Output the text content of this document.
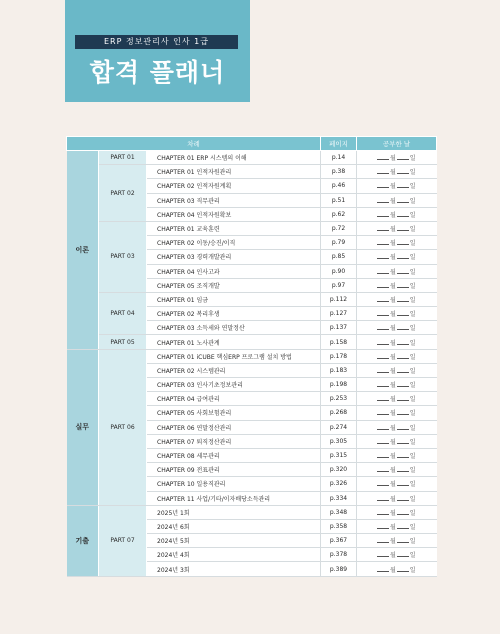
ERP 정보관리사 인사 1급
합격 플래너
차례			페이지	공부한 날
이론	PART 01	CHAPTER 01 ERP 시스템의 이해	p.14	월 일
	PART 02	CHAPTER 01 인적자원관리	p.38	월 일
		CHAPTER 02 인적자원계획	p.46	월 일
		CHAPTER 03 직무관리	p.51	월 일
		CHAPTER 04 인적자원확보	p.62	월 일
	PART 03	CHAPTER 01 교육훈련	p.72	월 일
		CHAPTER 02 이동/승진/이직	p.79	월 일
		CHAPTER 03 경력개발관리	p.85	월 일
		CHAPTER 04 인사고과	p.90	월 일
		CHAPTER 05 조직개발	p.97	월 일
	PART 04	CHAPTER 01 임금	p.112	월 일
		CHAPTER 02 복리후생	p.127	월 일
		CHAPTER 03 소득세와 연말정산	p.137	월 일
	PART 05	CHAPTER 01 노사관계	p.158	월 일
실무	PART 06	CHAPTER 01 iCUBE 핵심ERP 프로그램 설치 방법	p.178	월 일
		CHAPTER 02 시스템관리	p.183	월 일
		CHAPTER 03 인사기초정보관리	p.198	월 일
		CHAPTER 04 급여관리	p.253	월 일
		CHAPTER 05 사회보험관리	p.268	월 일
		CHAPTER 06 연말정산관리	p.274	월 일
		CHAPTER 07 퇴직정산관리	p.305	월 일
		CHAPTER 08 세무관리	p.315	월 일
		CHAPTER 09 전표관리	p.320	월 일
		CHAPTER 10 일용직관리	p.326	월 일
		CHAPTER 11 사업/기타/이자배당소득관리	p.334	월 일
기출	PART 07	2025년 1회	p.348	월 일
		2024년 6회	p.358	월 일
		2024년 5회	p.367	월 일
		2024년 4회	p.378	월 일
		2024년 3회	p.389	월 일
